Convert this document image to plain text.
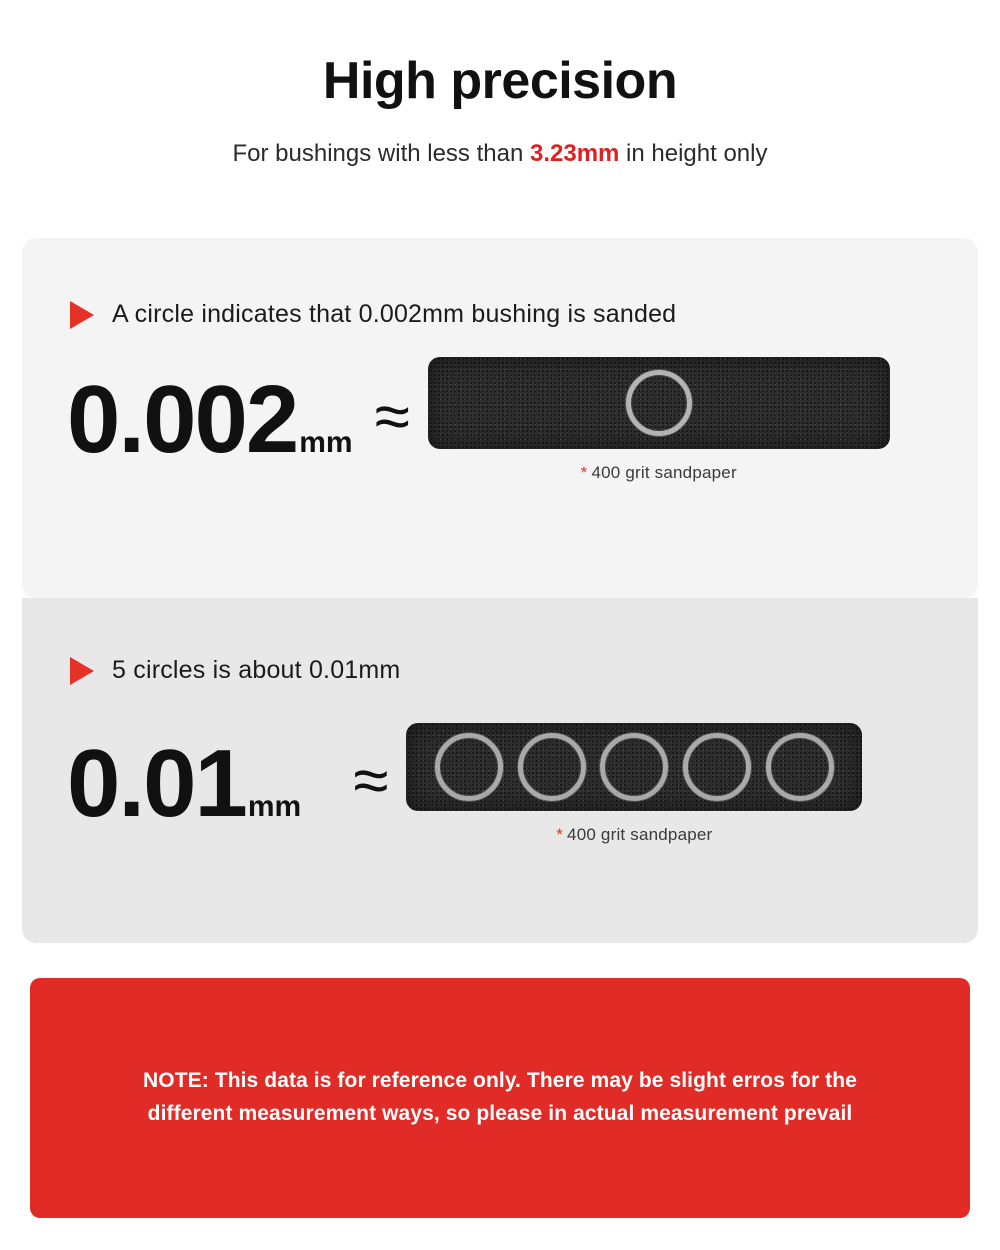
High precision

For bushings with less than 3.23mm in height only

A circle indicates that 0.002mm bushing is sanded
0.002 mm ≈
* 400 grit sandpaper
5 circles is about 0.01mm
0.01 mm ≈
* 400 grit sandpaper
NOTE: This data is for reference only. There may be slight erros for the different measurement ways, so please in actual measurement prevail
